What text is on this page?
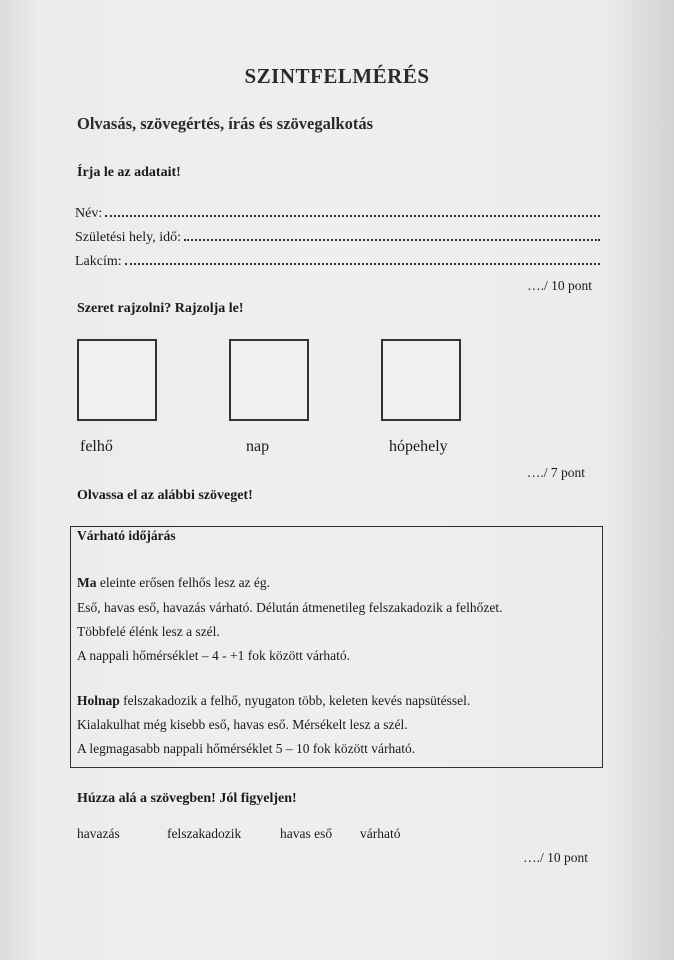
SZINTFELMÉRÉS
Olvasás, szövegértés, írás és szövegalkotás
Írja le az adatait!
Név:
Születési hely, idő:
Lakcím:
…./ 10 pont
Szeret rajzolni? Rajzolja le!
felhő	nap	hópehely
…./ 7 pont
Olvassa el az alábbi szöveget!
Várható időjárás
Ma eleinte erősen felhős lesz az ég.
Eső, havas eső, havazás várható. Délután átmenetileg felszakadozik a felhőzet.
Többfelé élénk lesz a szél.
A nappali hőmérséklet – 4 - +1 fok között várható.
Holnap felszakadozik a felhő, nyugaton több, keleten kevés napsütéssel.
Kialakulhat még kisebb eső, havas eső. Mérsékelt lesz a szél.
A legmagasabb nappali hőmérséklet 5 – 10 fok között várható.
Húzza alá a szövegben! Jól figyeljen!
havazás	felszakadozik	havas eső várható
…./ 10 pont
